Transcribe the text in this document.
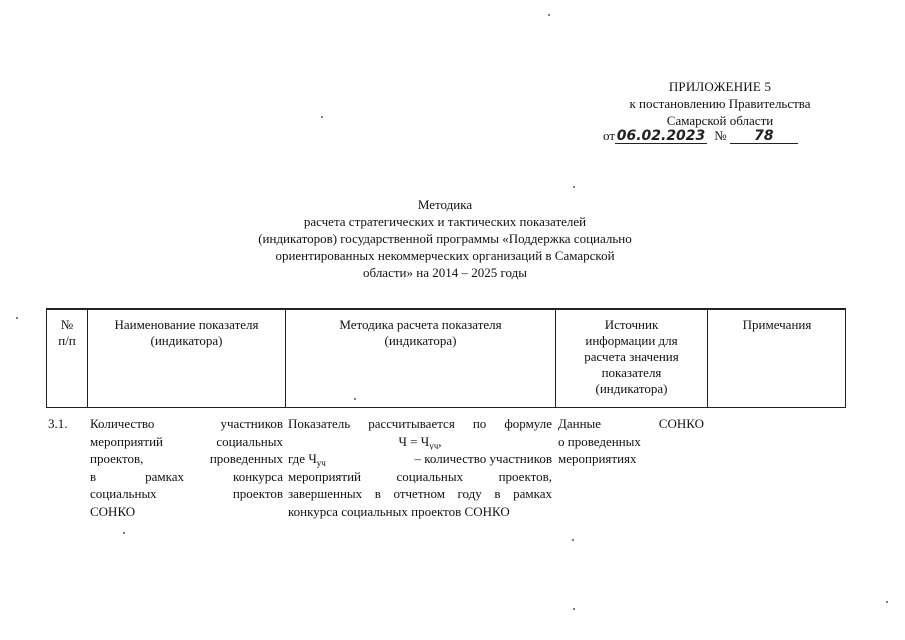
ПРИЛОЖЕНИЕ 5
к постановлению Правительства
Самарской области
от 06.02.2023 № 78
Методика
расчета стратегических и тактических показателей
(индикаторов) государственной программы «Поддержка социально
ориентированных некоммерческих организаций в Самарской
области» на 2014 – 2025 годы
№
п/п
Наименование показателя
(индикатора)
Методика расчета показателя
(индикатора)
Источник
информации для
расчета значения
показателя
(индикатора)
Примечания
3.1.	Количество участников
мероприятий социальных
проектов, проведенных
в рамках конкурса
социальных проектов
СОНКО
Показатель рассчитывается по формуле
$Ч = Ч_{уч}$,
где $Ч_{уч}$	– количество участников
мероприятий социальных проектов,
завершенных в отчетном году в рамках
конкурса социальных проектов СОНКО
Данные СОНКО
о проведенных
мероприятиях
